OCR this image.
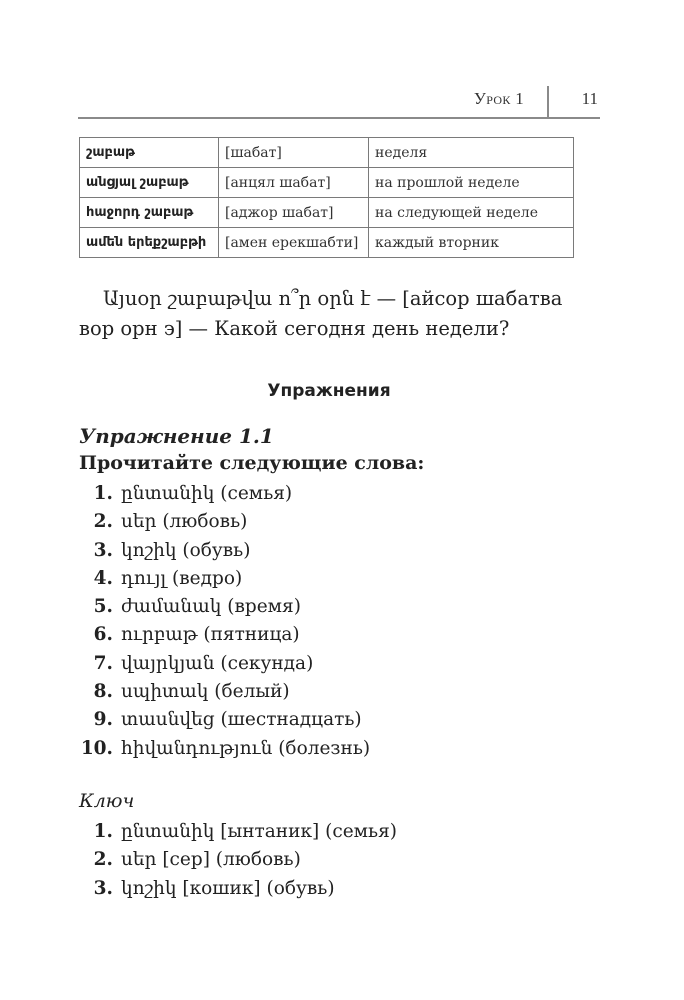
Урок 1	11
շաբաթ	[шабат]	неделя
անցյալ շաբաթ	[анцял шабат]	на прошлой неделе
հաջորդ շաբաթ	[аджор шабат]	на следующей неделе
ամեն երեքշաբթի	[амен ерекшабти]	каждый вторник
Այսօր շաբաթվա ո՞ր օրն է — [айсор шабатва вор орн э] — Какой сегодня день недели?
Упражнения
Упражнение 1.1
Прочитайте следующие слова:
1. ընտանիկ (семья)
2. սեր (любовь)
3. կոշիկ (обувь)
4. դույլ (ведро)
5. ժամանակ (время)
6. ուրբաթ (пятница)
7. վայրկյան (секунда)
8. սպիտակ (белый)
9. տասնվեց (шестнадцать)
10. հիվանդություն (болезнь)
Ключ
1. ընտանիկ [ынтаник] (семья)
2. սեր [сер] (любовь)
3. կոշիկ [кошик] (обувь)
